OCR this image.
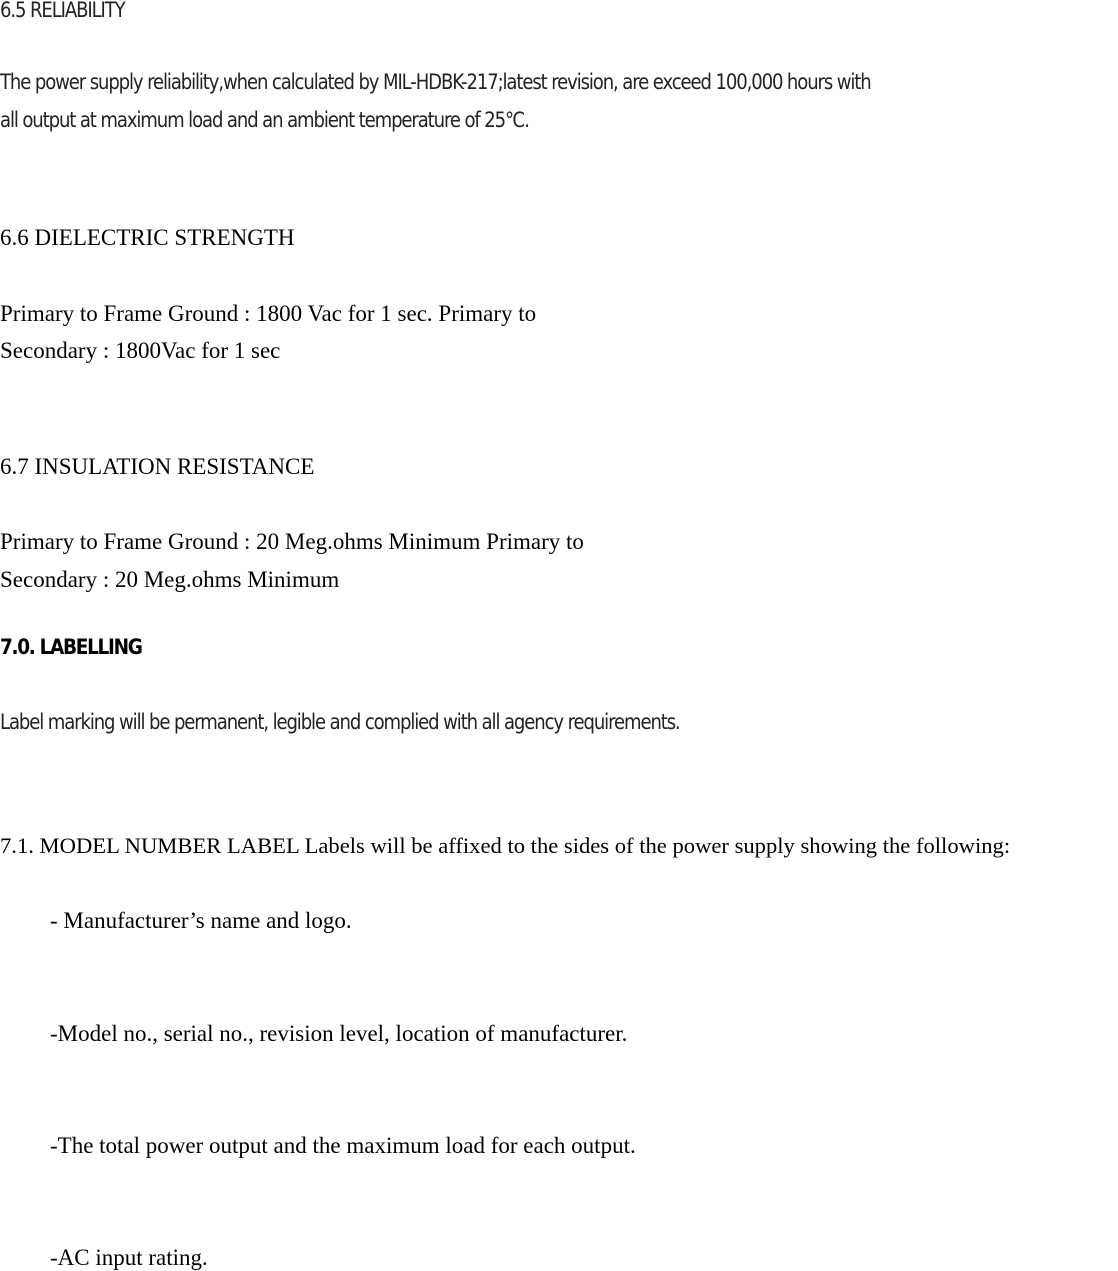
6.5 RELIABILITY
The power supply reliability,when calculated by MIL-HDBK-217;latest revision, are exceed 100,000 hours with
all output at maximum load and an ambient temperature of 25℃.
6.6 DIELECTRIC STRENGTH
Primary to Frame Ground : 1800 Vac for 1 sec. Primary to
Secondary : 1800Vac for 1 sec
6.7 INSULATION RESISTANCE
Primary to Frame Ground : 20 Meg.ohms Minimum Primary to
Secondary : 20 Meg.ohms Minimum
7.0. LABELLING
Label marking will be permanent, legible and complied with all agency requirements.
7.1. MODEL NUMBER LABEL Labels will be affixed to the sides of the power supply showing the following:
- Manufacturer’s name and logo.
-Model no., serial no., revision level, location of manufacturer.
-The total power output and the maximum load for each output.
-AC input rating.
